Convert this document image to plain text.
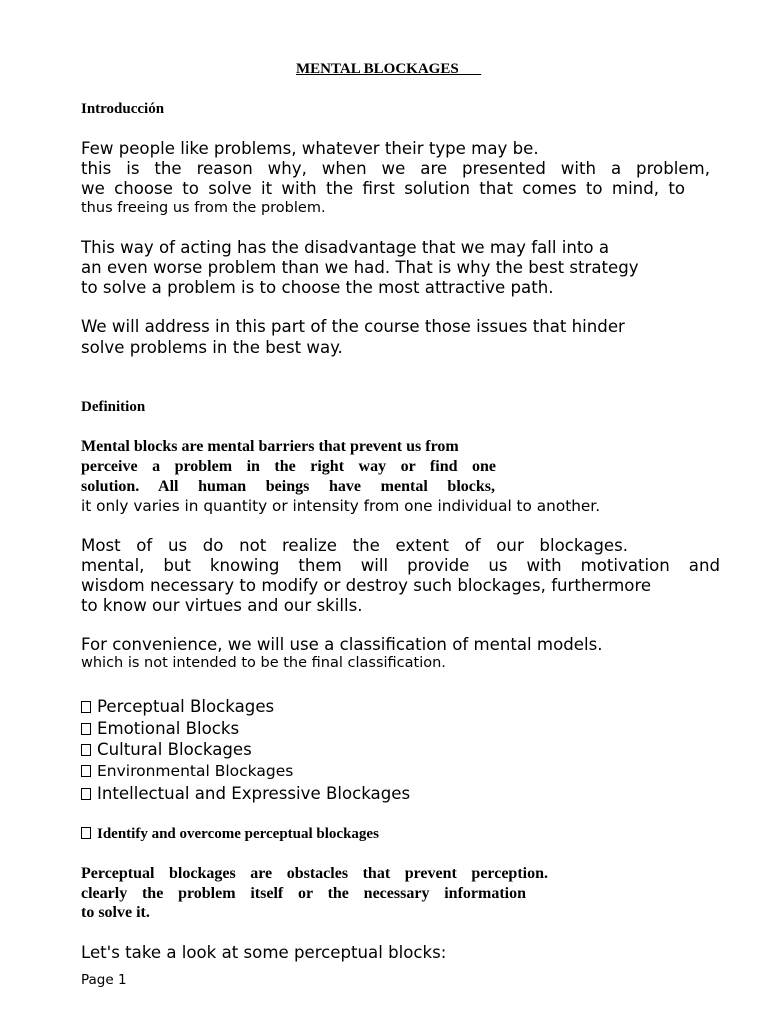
MENTAL BLOCKAGES

Introducción

Few people like problems, whatever their type may be.
this is the reason why, when we are presented with a problem,
we choose to solve it with the first solution that comes to mind, to
thus freeing us from the problem.
This way of acting has the disadvantage that we may fall into a
an even worse problem than we had. That is why the best strategy
to solve a problem is to choose the most attractive path.
We will address in this part of the course those issues that hinder
solve problems in the best way.

Definition

Mental blocks are mental barriers that prevent us from
perceive a problem in the right way or find one
solution. All human beings have mental blocks,
it only varies in quantity or intensity from one individual to another.
Most of us do not realize the extent of our blockages.
mental, but knowing them will provide us with motivation and
wisdom necessary to modify or destroy such blockages, furthermore
to know our virtues and our skills.
For convenience, we will use a classification of mental models.
which is not intended to be the final classification.
Perceptual Blockages
Emotional Blocks
Cultural Blockages
Environmental Blockages
Intellectual and Expressive Blockages
Identify and overcome perceptual blockages
Perceptual blockages are obstacles that prevent perception.
clearly the problem itself or the necessary information
to solve it.
Let's take a look at some perceptual blocks:
Page 1
